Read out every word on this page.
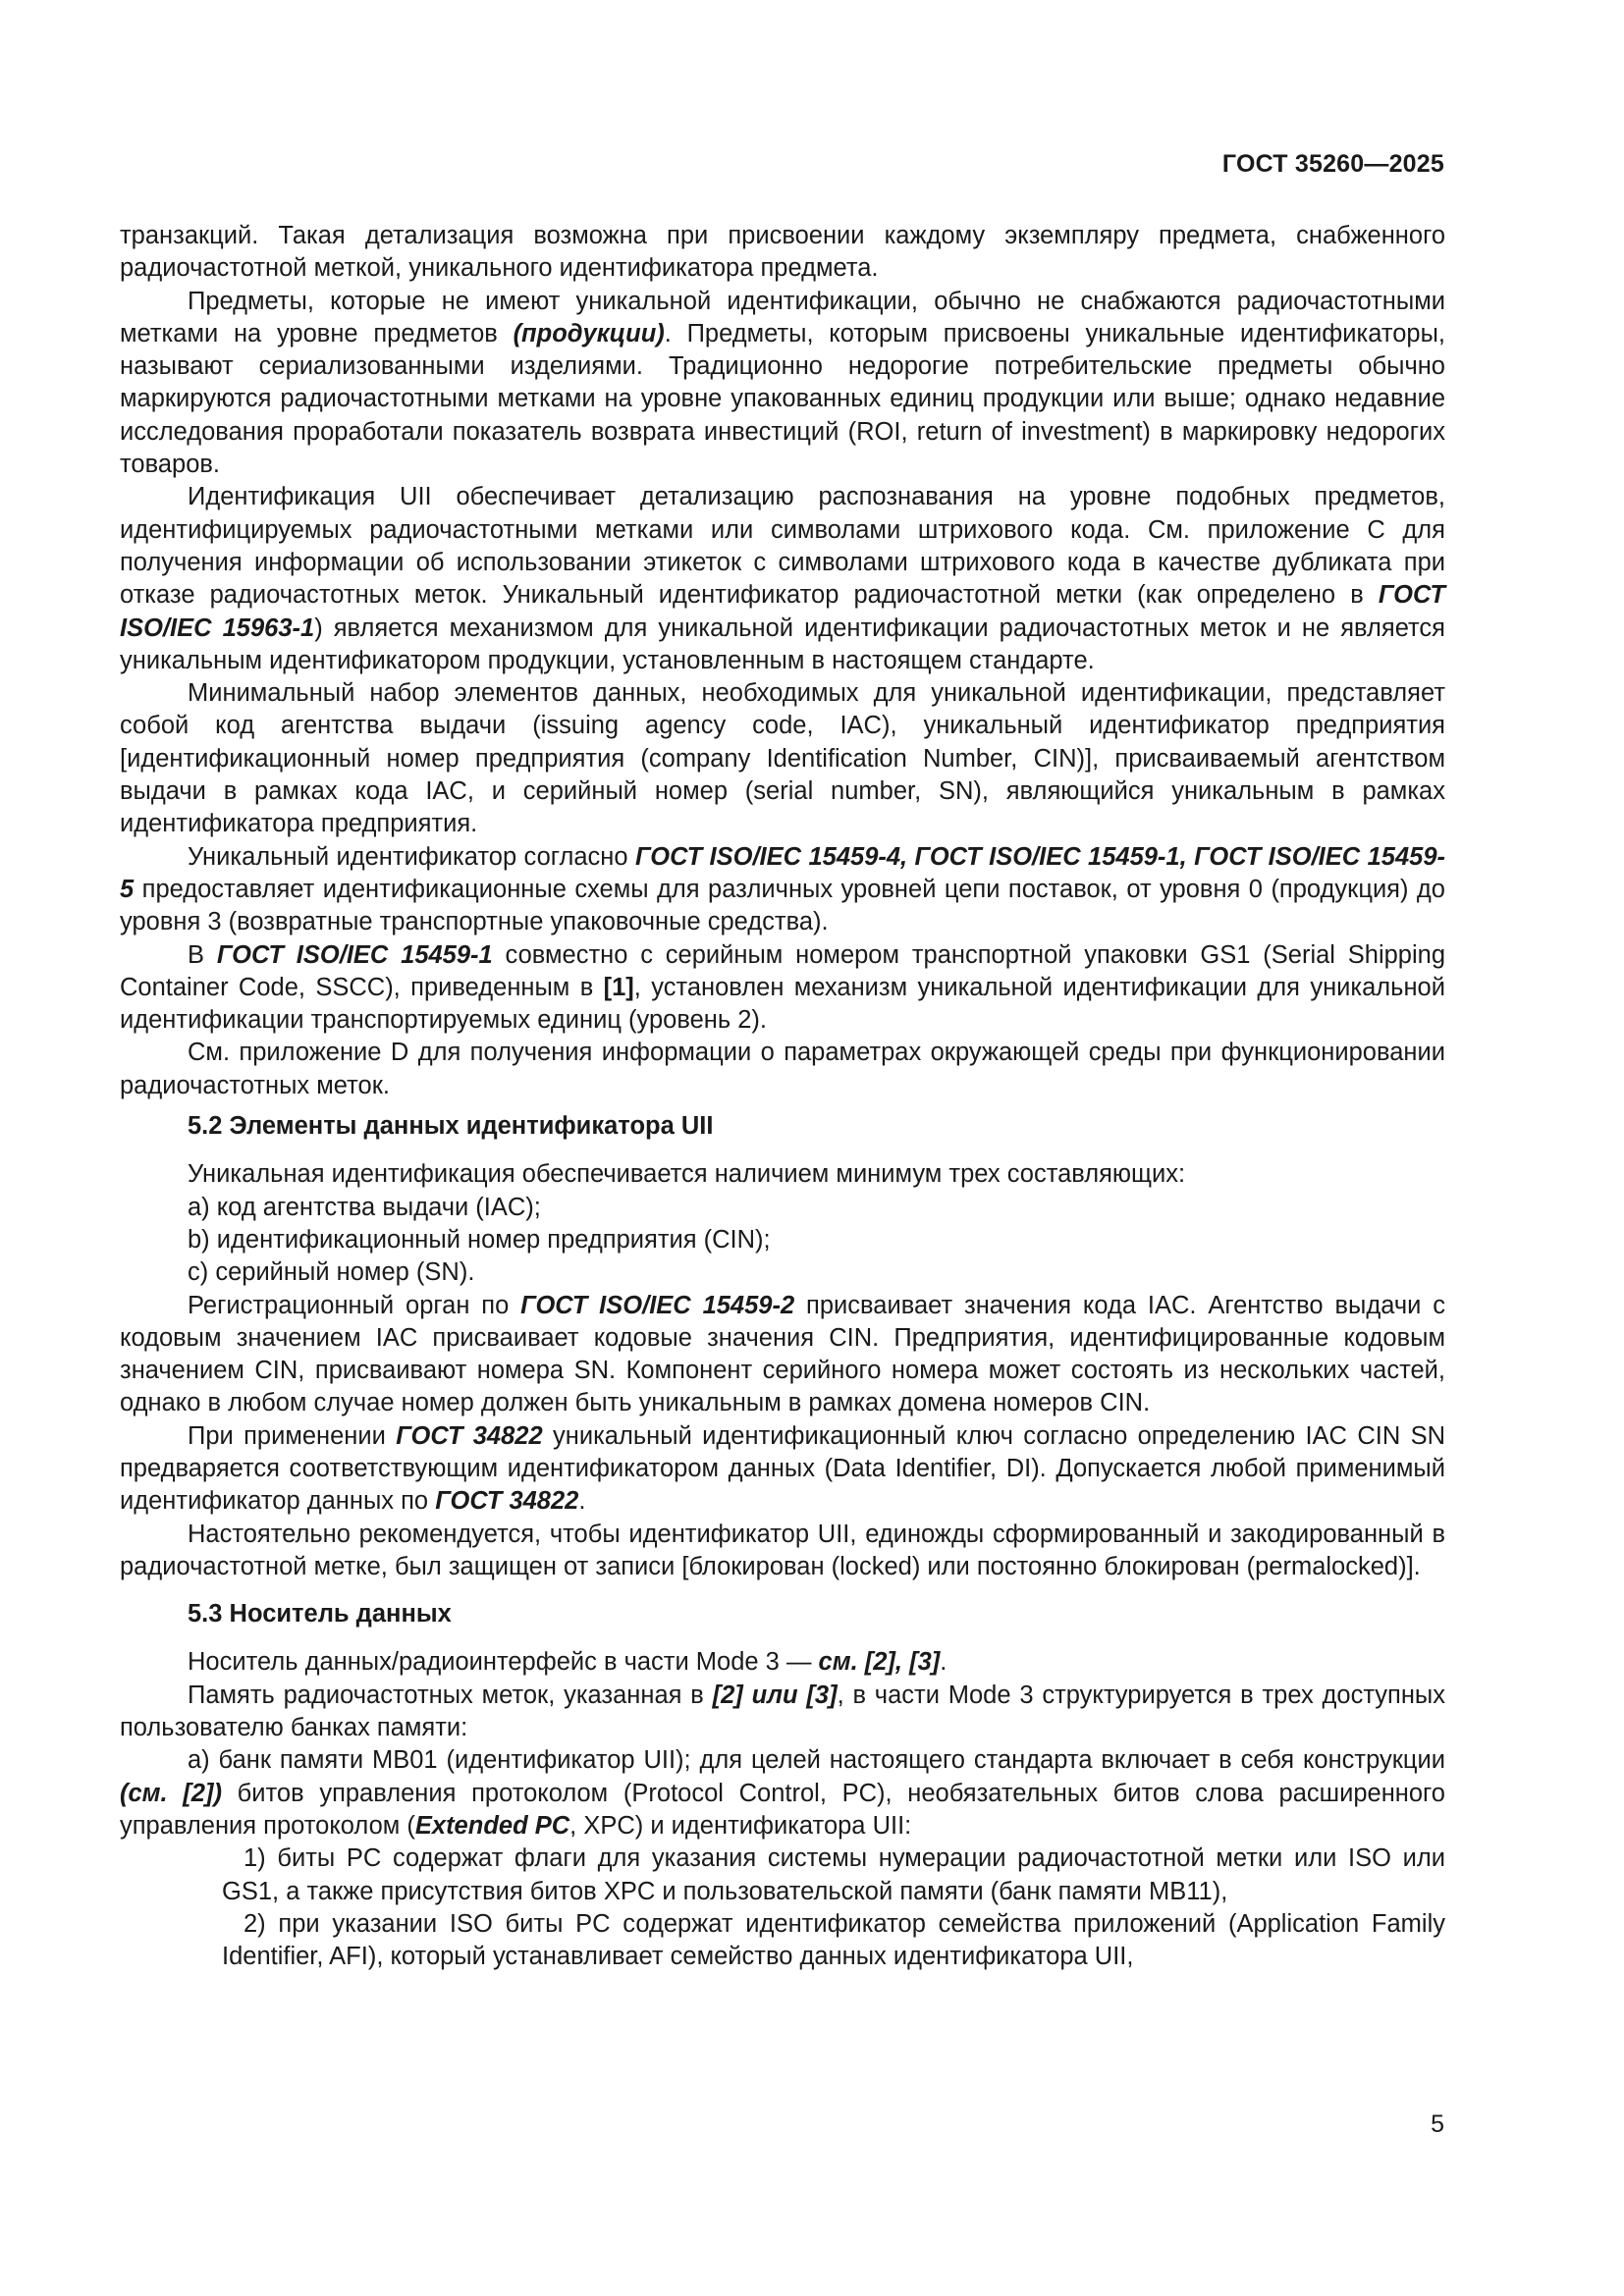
ГОСТ 35260—2025

транзакций. Такая детализация возможна при присвоении каждому экземпляру предмета, снабженного радиочастотной меткой, уникального идентификатора предмета.

Предметы, которые не имеют уникальной идентификации, обычно не снабжаются радиочастотными метками на уровне предметов (продукции). Предметы, которым присвоены уникальные идентификаторы, называют сериализованными изделиями. Традиционно недорогие потребительские предметы обычно маркируются радиочастотными метками на уровне упакованных единиц продукции или выше; однако недавние исследования проработали показатель возврата инвестиций (ROI, return of investment) в маркировку недорогих товаров.

Идентификация UII обеспечивает детализацию распознавания на уровне подобных предметов, идентифицируемых радиочастотными метками или символами штрихового кода. См. приложение C для получения информации об использовании этикеток с символами штрихового кода в качестве дубликата при отказе радиочастотных меток. Уникальный идентификатор радиочастотной метки (как определено в ГОСТ ISO/IEC 15963-1) является механизмом для уникальной идентификации радиочастотных меток и не является уникальным идентификатором продукции, установленным в настоящем стандарте.

Минимальный набор элементов данных, необходимых для уникальной идентификации, представляет собой код агентства выдачи (issuing agency code, IAC), уникальный идентификатор предприятия [идентификационный номер предприятия (company Identification Number, CIN)], присваиваемый агентством выдачи в рамках кода IAC, и серийный номер (serial number, SN), являющийся уникальным в рамках идентификатора предприятия.

Уникальный идентификатор согласно ГОСТ ISO/IEC 15459-4, ГОСТ ISO/IEC 15459-1, ГОСТ ISO/IEC 15459-5 предоставляет идентификационные схемы для различных уровней цепи поставок, от уровня 0 (продукция) до уровня 3 (возвратные транспортные упаковочные средства).

В ГОСТ ISO/IEC 15459-1 совместно с серийным номером транспортной упаковки GS1 (Serial Shipping Container Code, SSCC), приведенным в [1], установлен механизм уникальной идентификации для уникальной идентификации транспортируемых единиц (уровень 2).

См. приложение D для получения информации о параметрах окружающей среды при функционировании радиочастотных меток.

5.2 Элементы данных идентификатора UII

Уникальная идентификация обеспечивается наличием минимум трех составляющих:

a) код агентства выдачи (IAC);

b) идентификационный номер предприятия (CIN);

c) серийный номер (SN).

Регистрационный орган по ГОСТ ISO/IEC 15459-2 присваивает значения кода IAC. Агентство выдачи с кодовым значением IAC присваивает кодовые значения CIN. Предприятия, идентифицированные кодовым значением CIN, присваивают номера SN. Компонент серийного номера может состоять из нескольких частей, однако в любом случае номер должен быть уникальным в рамках домена номеров CIN.

При применении ГОСТ 34822 уникальный идентификационный ключ согласно определению IAC CIN SN предваряется соответствующим идентификатором данных (Data Identifier, DI). Допускается любой применимый идентификатор данных по ГОСТ 34822.

Настоятельно рекомендуется, чтобы идентификатор UII, единожды сформированный и закодированный в радиочастотной метке, был защищен от записи [блокирован (locked) или постоянно блокирован (permalocked)].

5.3 Носитель данных

Носитель данных/радиоинтерфейс в части Mode 3 — см. [2], [3].

Память радиочастотных меток, указанная в [2] или [3], в части Mode 3 структурируется в трех доступных пользователю банках памяти:

a) банк памяти MB01 (идентификатор UII); для целей настоящего стандарта включает в себя конструкции (см. [2]) битов управления протоколом (Protocol Control, PC), необязательных битов слова расширенного управления протоколом (Extended PC, XPC) и идентификатора UII:

1) биты PC содержат флаги для указания системы нумерации радиочастотной метки или ISO или GS1, а также присутствия битов XPC и пользовательской памяти (банк памяти MB11),

2) при указании ISO биты PC содержат идентификатор семейства приложений (Application Family Identifier, AFI), который устанавливает семейство данных идентификатора UII,

5
